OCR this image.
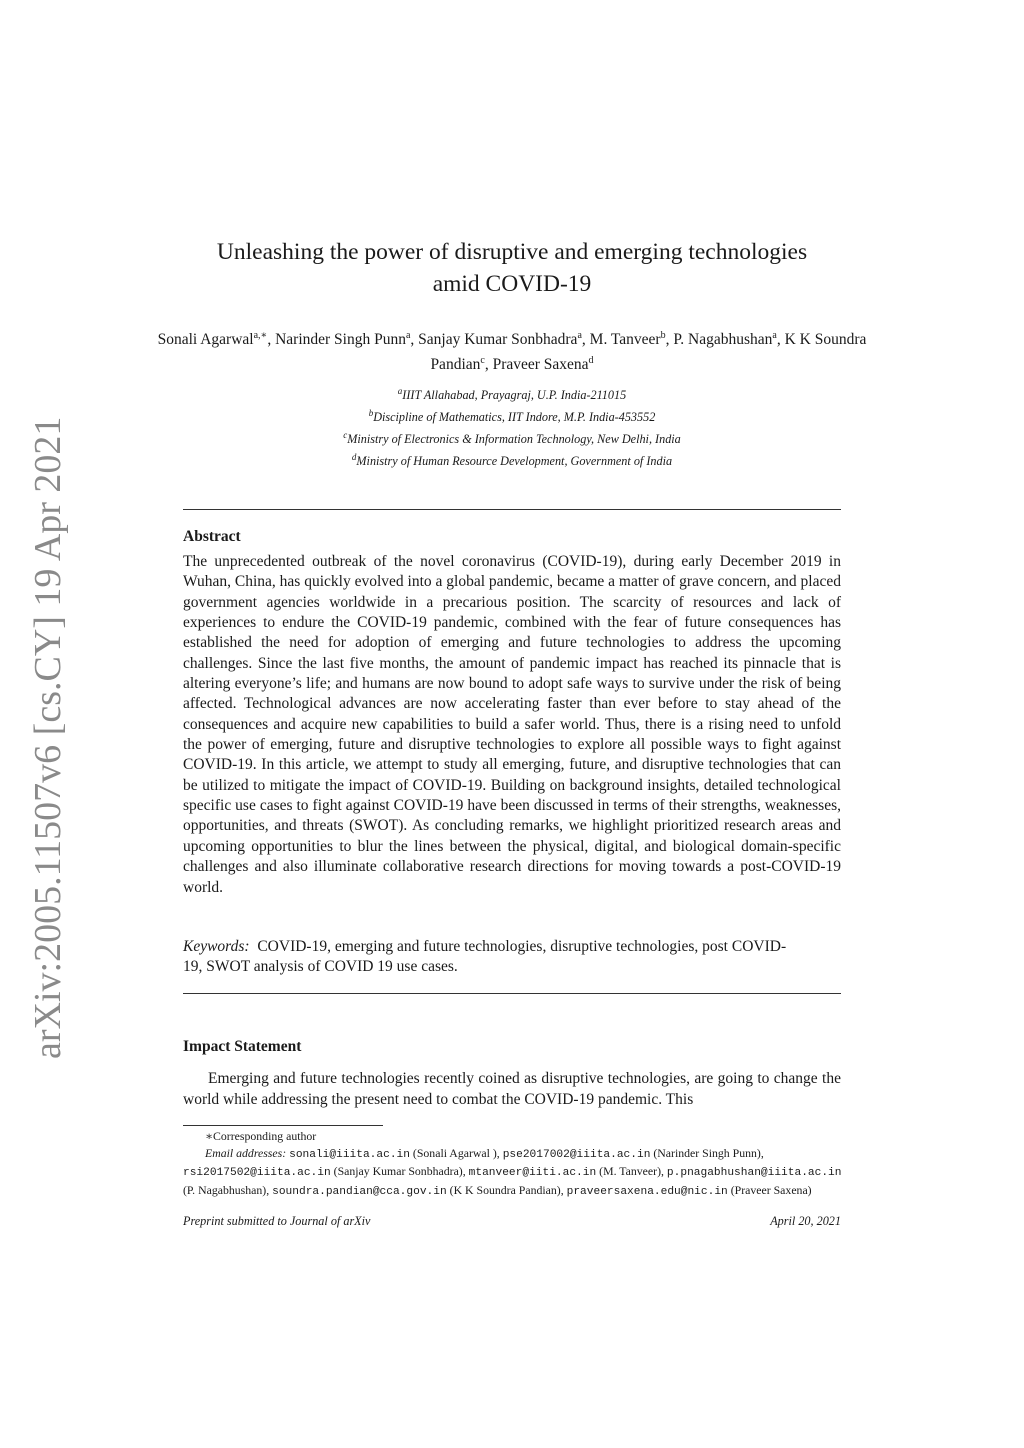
arXiv:2005.11507v6 [cs.CY] 19 Apr 2021
Unleashing the power of disruptive and emerging technologies
amid COVID-19
Sonali Agarwal$^{a,∗}$, Narinder Singh Punn$^a$, Sanjay Kumar Sonbhadra$^a$, M. Tanveer$^b$, P. Nagabhushan$^a$, K K Soundra Pandian$^c$, Praveer Saxena$^d$
$^a$IIIT Allahabad, Prayagraj, U.P. India-211015
$^b$Discipline of Mathematics, IIT Indore, M.P. India-453552
$^c$Ministry of Electronics & Information Technology, New Delhi, India
$^d$Ministry of Human Resource Development, Government of India
Abstract
The unprecedented outbreak of the novel coronavirus (COVID-19), during early December 2019 in Wuhan, China, has quickly evolved into a global pandemic, became a matter of grave concern, and placed government agencies worldwide in a precarious position. The scarcity of resources and lack of experiences to endure the COVID-19 pandemic, combined with the fear of future consequences has established the need for adoption of emerging and future technologies to address the upcoming challenges. Since the last five months, the amount of pandemic impact has reached its pinnacle that is altering everyone’s life; and humans are now bound to adopt safe ways to survive under the risk of being affected. Technological advances are now accelerating faster than ever before to stay ahead of the consequences and acquire new capabilities to build a safer world. Thus, there is a rising need to unfold the power of emerging, future and disruptive technologies to explore all possible ways to fight against COVID-19. In this article, we attempt to study all emerging, future, and disruptive technologies that can be utilized to mitigate the impact of COVID-19. Building on background insights, detailed technological specific use cases to fight against COVID-19 have been discussed in terms of their strengths, weaknesses, opportunities, and threats (SWOT). As concluding remarks, we highlight prioritized research areas and upcoming opportunities to blur the lines between the physical, digital, and biological domain-specific challenges and also illuminate collaborative research directions for moving towards a post-COVID-19 world.
Keywords: COVID-19, emerging and future technologies, disruptive technologies, post COVID-19, SWOT analysis of COVID 19 use cases.
Impact Statement
Emerging and future technologies recently coined as disruptive technologies, are going to change the world while addressing the present need to combat the COVID-19 pandemic. This
∗Corresponding author
Email addresses: sonali@iiita.ac.in (Sonali Agarwal ), pse2017002@iiita.ac.in (Narinder Singh Punn), rsi2017502@iiita.ac.in (Sanjay Kumar Sonbhadra), mtanveer@iiti.ac.in (M. Tanveer), p.pnagabhushan@iiita.ac.in (P. Nagabhushan), soundra.pandian@cca.gov.in (K K Soundra Pandian), praveersaxena.edu@nic.in (Praveer Saxena)
Preprint submitted to Journal of arXiv	April 20, 2021
